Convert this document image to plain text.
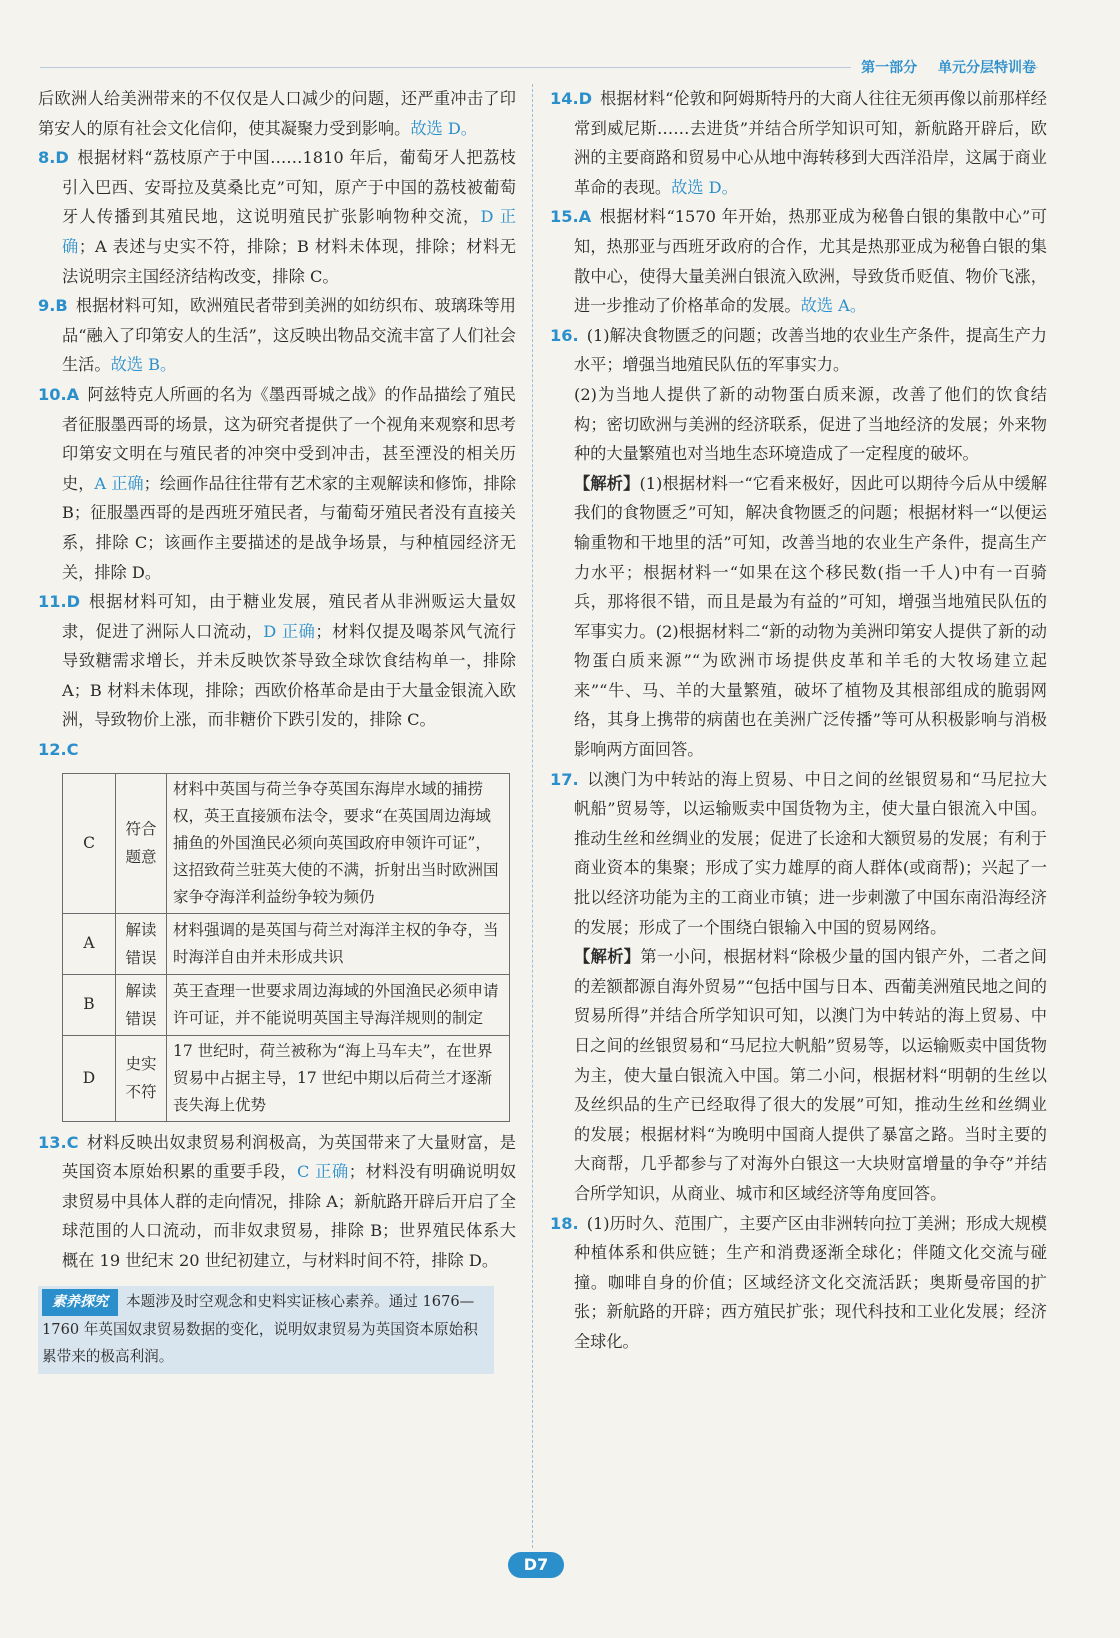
第一部分 单元分层特训卷

后欧洲人给美洲带来的不仅仅是人口减少的问题，还严重冲击了印第安人的原有社会文化信仰，使其凝聚力受到影响。故选 D。

8.D 根据材料“荔枝原产于中国……1810 年后，葡萄牙人把荔枝引入巴西、安哥拉及莫桑比克”可知，原产于中国的荔枝被葡萄牙人传播到其殖民地，这说明殖民扩张影响物种交流，D 正确；A 表述与史实不符，排除；B 材料未体现，排除；材料无法说明宗主国经济结构改变，排除 C。

9.B 根据材料可知，欧洲殖民者带到美洲的如纺织布、玻璃珠等用品“融入了印第安人的生活”，这反映出物品交流丰富了人们社会生活。故选 B。

10.A 阿兹特克人所画的名为《墨西哥城之战》的作品描绘了殖民者征服墨西哥的场景，这为研究者提供了一个视角来观察和思考印第安文明在与殖民者的冲突中受到冲击，甚至湮没的相关历史，A 正确；绘画作品往往带有艺术家的主观解读和修饰，排除 B；征服墨西哥的是西班牙殖民者，与葡萄牙殖民者没有直接关系，排除 C；该画作主要描述的是战争场景，与种植园经济无关，排除 D。

11.D 根据材料可知，由于糖业发展，殖民者从非洲贩运大量奴隶，促进了洲际人口流动，D 正确；材料仅提及喝茶风气流行导致糖需求增长，并未反映饮茶导致全球饮食结构单一，排除 A；B 材料未体现，排除；西欧价格革命是由于大量金银流入欧洲，导致物价上涨，而非糖价下跌引发的，排除 C。

12.C

C	符合题意	材料中英国与荷兰争夺英国东海岸水域的捕捞权，英王直接颁布法令，要求“在英国周边海域捕鱼的外国渔民必须向英国政府申领许可证”，这招致荷兰驻英大使的不满，折射出当时欧洲国家争夺海洋利益纷争较为频仍
A	解读错误	材料强调的是英国与荷兰对海洋主权的争夺，当时海洋自由并未形成共识
B	解读错误	英王查理一世要求周边海域的外国渔民必须申请许可证，并不能说明英国主导海洋规则的制定
D	史实不符	17 世纪时，荷兰被称为“海上马车夫”，在世界贸易中占据主导，17 世纪中期以后荷兰才逐渐丧失海上优势

13.C 材料反映出奴隶贸易利润极高，为英国带来了大量财富，是英国资本原始积累的重要手段，C 正确；材料没有明确说明奴隶贸易中具体人群的走向情况，排除 A；新航路开辟后开启了全球范围的人口流动，而非奴隶贸易，排除 B；世界殖民体系大概在 19 世纪末 20 世纪初建立，与材料时间不符，排除 D。

素养探究 本题涉及时空观念和史料实证核心素养。通过 1676—1760 年英国奴隶贸易数据的变化，说明奴隶贸易为英国资本原始积累带来的极高利润。

14.D 根据材料“伦敦和阿姆斯特丹的大商人往往无须再像以前那样经常到威尼斯……去进货”并结合所学知识可知，新航路开辟后，欧洲的主要商路和贸易中心从地中海转移到大西洋沿岸，这属于商业革命的表现。故选 D。

15.A 根据材料“1570 年开始，热那亚成为秘鲁白银的集散中心”可知，热那亚与西班牙政府的合作，尤其是热那亚成为秘鲁白银的集散中心，使得大量美洲白银流入欧洲，导致货币贬值、物价飞涨，进一步推动了价格革命的发展。故选 A。

16. (1)解决食物匮乏的问题；改善当地的农业生产条件，提高生产力水平；增强当地殖民队伍的军事实力。

(2)为当地人提供了新的动物蛋白质来源，改善了他们的饮食结构；密切欧洲与美洲的经济联系，促进了当地经济的发展；外来物种的大量繁殖也对当地生态环境造成了一定程度的破坏。

【解析】(1)根据材料一“它看来极好，因此可以期待今后从中缓解我们的食物匮乏”可知，解决食物匮乏的问题；根据材料一“以便运输重物和干地里的活”可知，改善当地的农业生产条件，提高生产力水平；根据材料一“如果在这个移民数(指一千人)中有一百骑兵，那将很不错，而且是最为有益的”可知，增强当地殖民队伍的军事实力。(2)根据材料二“新的动物为美洲印第安人提供了新的动物蛋白质来源”“为欧洲市场提供皮革和羊毛的大牧场建立起来”“牛、马、羊的大量繁殖，破坏了植物及其根部组成的脆弱网络，其身上携带的病菌也在美洲广泛传播”等可从积极影响与消极影响两方面回答。

17. 以澳门为中转站的海上贸易、中日之间的丝银贸易和“马尼拉大帆船”贸易等，以运输贩卖中国货物为主，使大量白银流入中国。推动生丝和丝绸业的发展；促进了长途和大额贸易的发展；有利于商业资本的集聚；形成了实力雄厚的商人群体(或商帮)；兴起了一批以经济功能为主的工商业市镇；进一步刺激了中国东南沿海经济的发展；形成了一个围绕白银输入中国的贸易网络。

【解析】第一小问，根据材料“除极少量的国内银产外，二者之间的差额都源自海外贸易”“包括中国与日本、西葡美洲殖民地之间的贸易所得”并结合所学知识可知，以澳门为中转站的海上贸易、中日之间的丝银贸易和“马尼拉大帆船”贸易等，以运输贩卖中国货物为主，使大量白银流入中国。第二小问，根据材料“明朝的生丝以及丝织品的生产已经取得了很大的发展”可知，推动生丝和丝绸业的发展；根据材料“为晚明中国商人提供了暴富之路。当时主要的大商帮，几乎都参与了对海外白银这一大块财富增量的争夺”并结合所学知识，从商业、城市和区域经济等角度回答。

18. (1)历时久、范围广，主要产区由非洲转向拉丁美洲；形成大规模种植体系和供应链；生产和消费逐渐全球化；伴随文化交流与碰撞。咖啡自身的价值；区域经济文化交流活跃；奥斯曼帝国的扩张；新航路的开辟；西方殖民扩张；现代科技和工业化发展；经济全球化。

D7
